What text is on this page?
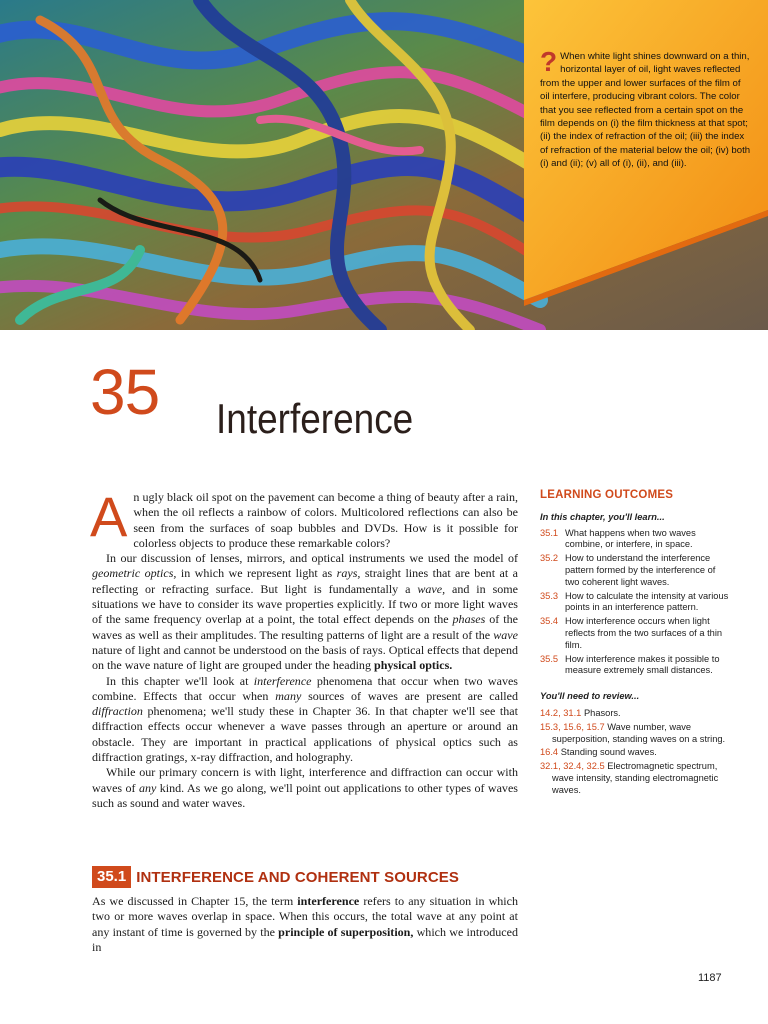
? When white light shines downward on a thin, horizontal layer of oil, light waves reflected from the upper and lower surfaces of the film of oil interfere, producing vibrant colors. The color that you see reflected from a certain spot on the film depends on (i) the film thickness at that spot; (ii) the index of refraction of the oil; (iii) the index of refraction of the material below the oil; (iv) both (i) and (ii); (v) all of (i), (ii), and (iii).
35 Interference

An ugly black oil spot on the pavement can become a thing of beauty after a rain, when the oil reflects a rainbow of colors. Multicolored reflections can also be seen from the surfaces of soap bubbles and DVDs. How is it possible for colorless objects to produce these remarkable colors?

In our discussion of lenses, mirrors, and optical instruments we used the model of geometric optics, in which we represent light as rays, straight lines that are bent at a reflecting or refracting surface. But light is fundamentally a wave, and in some situations we have to consider its wave properties explicitly. If two or more light waves of the same frequency overlap at a point, the total effect depends on the phases of the waves as well as their amplitudes. The resulting patterns of light are a result of the wave nature of light and cannot be understood on the basis of rays. Optical effects that depend on the wave nature of light are grouped under the heading physical optics.

In this chapter we'll look at interference phenomena that occur when two waves combine. Effects that occur when many sources of waves are present are called diffraction phenomena; we'll study these in Chapter 36. In that chapter we'll see that diffraction effects occur whenever a wave passes through an aperture or around an obstacle. They are important in practical applications of physical optics such as diffraction gratings, x-ray diffraction, and holography.

While our primary concern is with light, interference and diffraction can occur with waves of any kind. As we go along, we'll point out applications to other types of waves such as sound and water waves.

LEARNING OUTCOMES
In this chapter, you'll learn...
35.1 What happens when two waves combine, or interfere, in space.
35.2 How to understand the interference pattern formed by the interference of two coherent light waves.
35.3 How to calculate the intensity at various points in an interference pattern.
35.4 How interference occurs when light reflects from the two surfaces of a thin film.
35.5 How interference makes it possible to measure extremely small distances.
You'll need to review...
14.2, 31.1 Phasors.
15.3, 15.6, 15.7 Wave number, wave superposition, standing waves on a string.
16.4 Standing sound waves.
32.1, 32.4, 32.5 Electromagnetic spectrum, wave intensity, standing electromagnetic waves.
35.1 INTERFERENCE AND COHERENT SOURCES

As we discussed in Chapter 15, the term interference refers to any situation in which two or more waves overlap in space. When this occurs, the total wave at any point at any instant of time is governed by the principle of superposition, which we introduced in

1187
